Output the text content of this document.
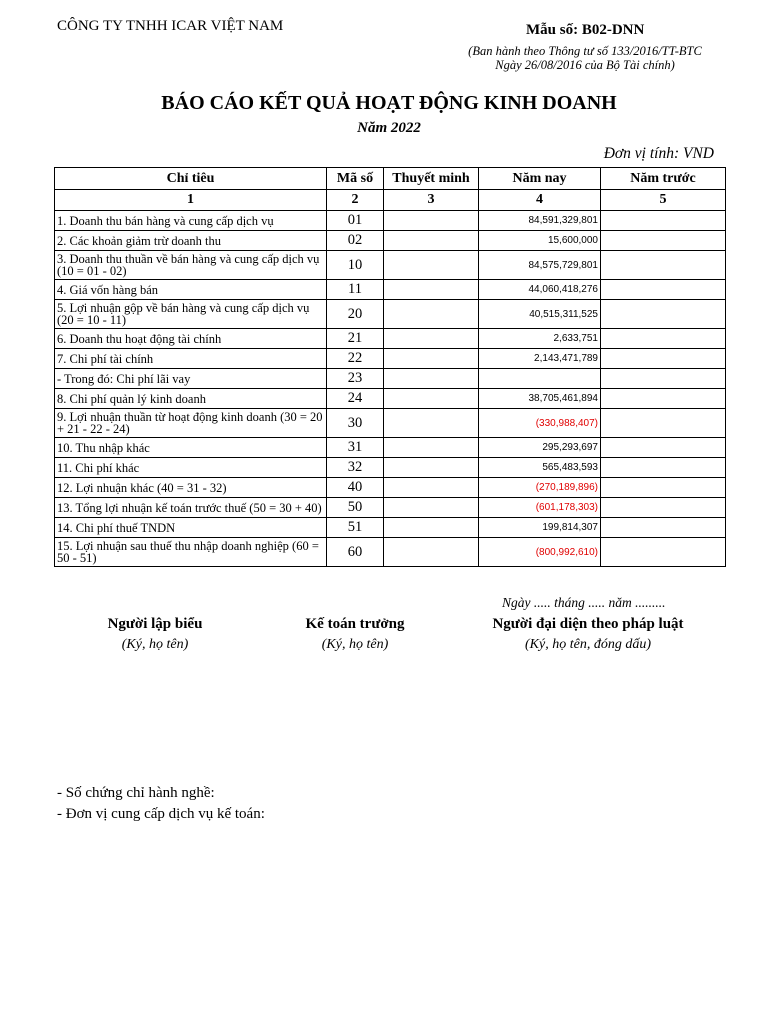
CÔNG TY TNHH ICAR VIỆT NAM	Mẫu số: B02-DNN
(Ban hành theo Thông tư số 133/2016/TT-BTC
Ngày 26/08/2016 của Bộ Tài chính)
BÁO CÁO KẾT QUẢ HOẠT ĐỘNG KINH DOANH
Năm 2022
Đơn vị tính: VND
Chỉ tiêu	Mã số	Thuyết minh	Năm nay	Năm trước
1	2	3	4	5
1. Doanh thu bán hàng và cung cấp dịch vụ	01		84,591,329,801	
2. Các khoản giảm trừ doanh thu	02		15,600,000	
3. Doanh thu thuần về bán hàng và cung cấp dịch vụ (10 = 01 - 02)	10		84,575,729,801	
4. Giá vốn hàng bán	11		44,060,418,276	
5. Lợi nhuận gộp về bán hàng và cung cấp dịch vụ (20 = 10 - 11)	20		40,515,311,525	
6. Doanh thu hoạt động tài chính	21		2,633,751	
7. Chi phí tài chính	22		2,143,471,789	
- Trong đó: Chi phí lãi vay	23			
8. Chi phí quản lý kinh doanh	24		38,705,461,894	
9. Lợi nhuận thuần từ hoạt động kinh doanh (30 = 20 + 21 - 22 - 24)	30		(330,988,407)	
10. Thu nhập khác	31		295,293,697	
11. Chi phí khác	32		565,483,593	
12. Lợi nhuận khác (40 = 31 - 32)	40		(270,189,896)	
13. Tổng lợi nhuận kế toán trước thuế (50 = 30 + 40)	50		(601,178,303)	
14. Chi phí thuế TNDN	51		199,814,307	
15. Lợi nhuận sau thuế thu nhập doanh nghiệp (60 = 50 - 51)	60		(800,992,610)	
Ngày ..... tháng ..... năm .........
Người lập biểu	Kế toán trưởng	Người đại diện theo pháp luật
(Ký, họ tên)	(Ký, họ tên)	(Ký, họ tên, đóng dấu)
- Số chứng chỉ hành nghề:
- Đơn vị cung cấp dịch vụ kế toán:
